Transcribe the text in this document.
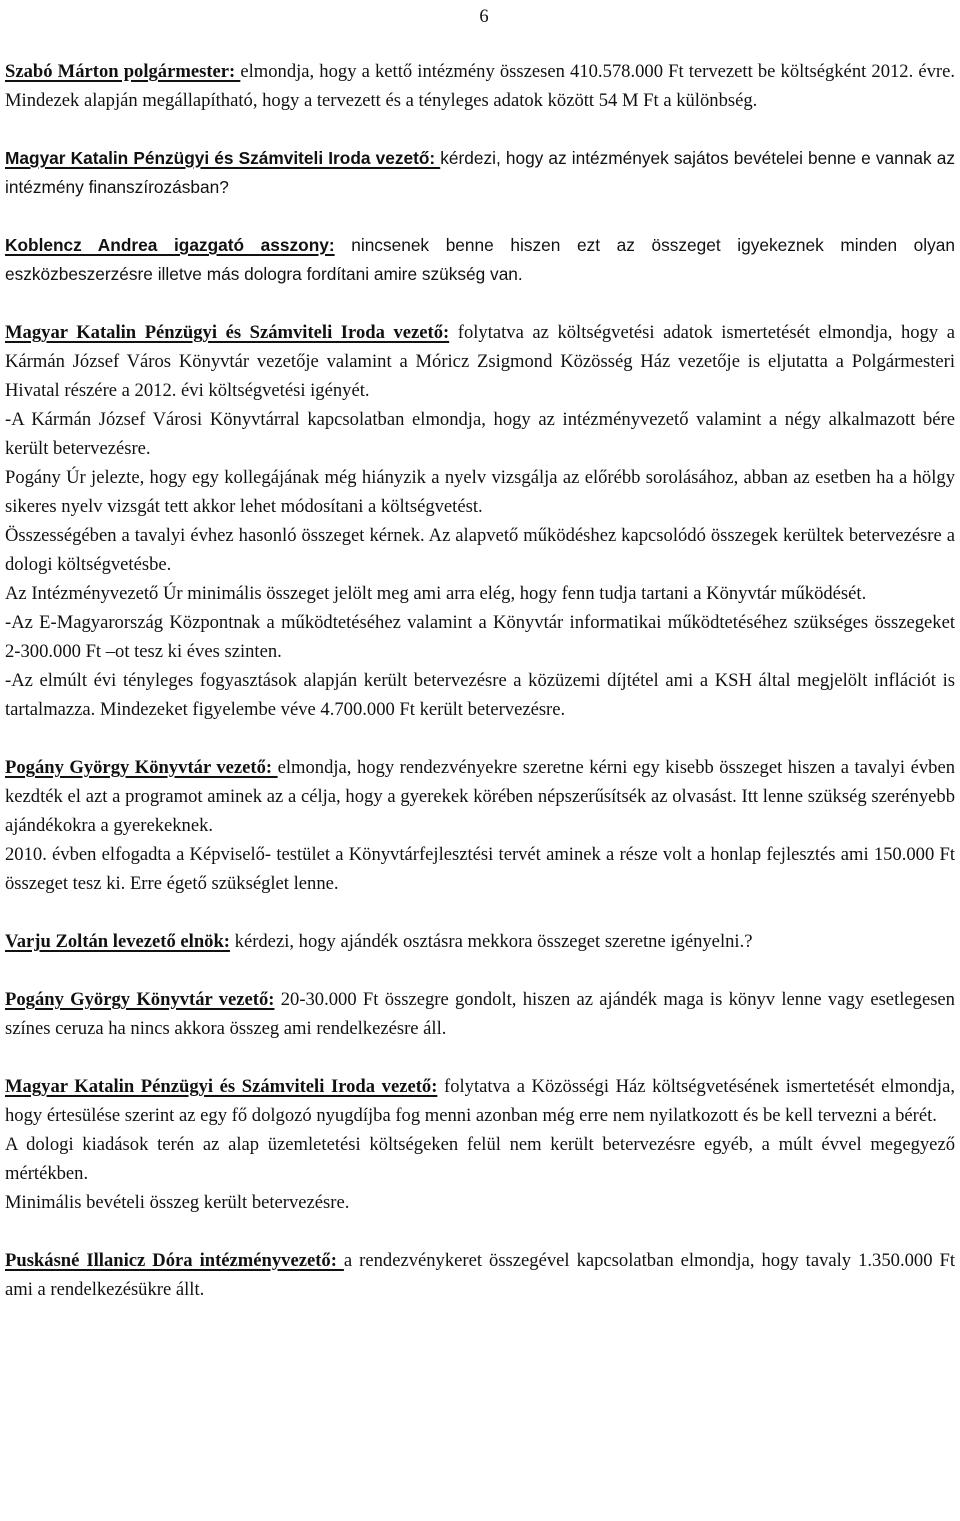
6

Szabó Márton polgármester: elmondja, hogy a kettő intézmény összesen 410.578.000 Ft tervezett be költségként 2012. évre. Mindezek alapján megállapítható, hogy a tervezett és a tényleges adatok között 54 M Ft a különbség.

Magyar Katalin Pénzügyi és Számviteli Iroda vezető: kérdezi, hogy az intézmények sajátos bevételei benne e vannak az intézmény finanszírozásban?

Koblencz Andrea igazgató asszony: nincsenek benne hiszen ezt az összeget igyekeznek minden olyan eszközbeszerzésre illetve más dologra fordítani amire szükség van.

Magyar Katalin Pénzügyi és Számviteli Iroda vezető: folytatva az költségvetési adatok ismertetését elmondja, hogy a Kármán József Város Könyvtár vezetője valamint a Móricz Zsigmond Közösség Ház vezetője is eljutatta a Polgármesteri Hivatal részére a 2012. évi költségvetési igényét.

-A Kármán József Városi Könyvtárral kapcsolatban elmondja, hogy az intézményvezető valamint a négy alkalmazott bére került betervezésre.

Pogány Úr jelezte, hogy egy kollegájának még hiányzik a nyelv vizsgálja az előrébb sorolásához, abban az esetben ha a hölgy sikeres nyelv vizsgát tett akkor lehet módosítani a költségvetést.

Összességében a tavalyi évhez hasonló összeget kérnek. Az alapvető működéshez kapcsolódó összegek kerültek betervezésre a dologi költségvetésbe.

Az Intézményvezető Úr minimális összeget jelölt meg ami arra elég, hogy fenn tudja tartani a Könyvtár működését.

-Az E-Magyarország Központnak a működtetéséhez valamint a Könyvtár informatikai működtetéséhez szükséges összegeket 2-300.000 Ft –ot tesz ki éves szinten.

-Az elmúlt évi tényleges fogyasztások alapján került betervezésre a közüzemi díjtétel ami a KSH által megjelölt inflációt is tartalmazza. Mindezeket figyelembe véve 4.700.000 Ft került betervezésre.

Pogány György Könyvtár vezető: elmondja, hogy rendezvényekre szeretne kérni egy kisebb összeget hiszen a tavalyi évben kezdték el azt a programot aminek az a célja, hogy a gyerekek körében népszerűsítsék az olvasást. Itt lenne szükség szerényebb ajándékokra a gyerekeknek.

2010. évben elfogadta a Képviselő- testület a Könyvtárfejlesztési tervét aminek a része volt a honlap fejlesztés ami 150.000 Ft összeget tesz ki. Erre égető szükséglet lenne.

Varju Zoltán levezető elnök: kérdezi, hogy ajándék osztásra mekkora összeget szeretne igényelni.?

Pogány György Könyvtár vezető: 20-30.000 Ft összegre gondolt, hiszen az ajándék maga is könyv lenne vagy esetlegesen színes ceruza ha nincs akkora összeg ami rendelkezésre áll.

Magyar Katalin Pénzügyi és Számviteli Iroda vezető: folytatva a Közösségi Ház költségvetésének ismertetését elmondja, hogy értesülése szerint az egy fő dolgozó nyugdíjba fog menni azonban még erre nem nyilatkozott és be kell tervezni a bérét.

A dologi kiadások terén az alap üzemletetési költségeken felül nem került betervezésre egyéb, a múlt évvel megegyező mértékben.

Minimális bevételi összeg került betervezésre.

Puskásné Illanicz Dóra intézményvezető: a rendezvénykeret összegével kapcsolatban elmondja, hogy tavaly 1.350.000 Ft ami a rendelkezésükre állt.
